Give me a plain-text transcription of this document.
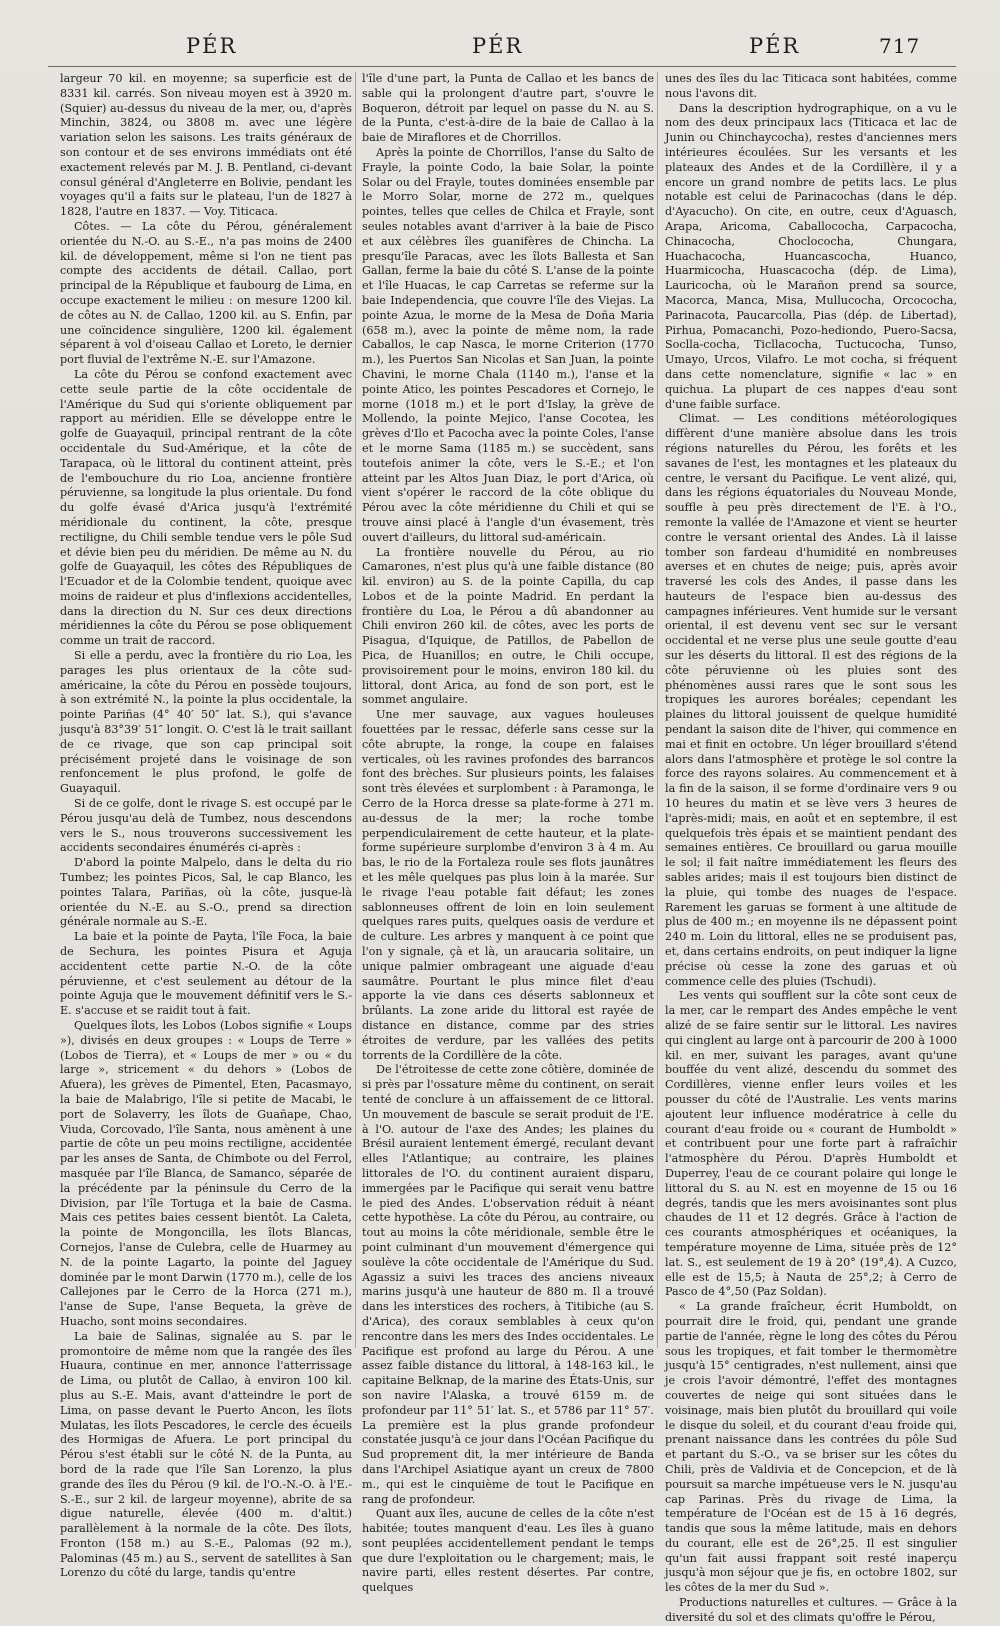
PÉR	PÉR	PÉR	717

largeur 70 kil. en moyenne; sa superficie est de 8331 kil. carrés. Son niveau moyen est à 3920 m. (Squier) au-dessus du niveau de la mer, ou, d'après Minchin, 3824, ou 3808 m. avec une légère variation selon les saisons. Les traits généraux de son contour et de ses environs immédiats ont été exactement relevés par M. J. B. Pentland, ci-devant consul général d'Angleterre en Bolivie, pendant les voyages qu'il a faits sur le plateau, l'un de 1827 à 1828, l'autre en 1837. — Voy. Titicaca.

Côtes. — La côte du Pérou, généralement orientée du N.-O. au S.-E., n'a pas moins de 2400 kil. de développement, même si l'on ne tient pas compte des accidents de détail. Callao, port principal de la République et faubourg de Lima, en occupe exactement le milieu : on mesure 1200 kil. de côtes au N. de Callao, 1200 kil. au S. Enfin, par une coïncidence singulière, 1200 kil. également séparent à vol d'oiseau Callao et Loreto, le dernier port fluvial de l'extrême N.-E. sur l'Amazone.

La côte du Pérou se confond exactement avec cette seule partie de la côte occidentale de l'Amérique du Sud qui s'oriente obliquement par rapport au méridien. Elle se développe entre le golfe de Guayaquil, principal rentrant de la côte occidentale du Sud-Amérique, et la côte de Tarapaca, où le littoral du continent atteint, près de l'embouchure du rio Loa, ancienne frontière péruvienne, sa longitude la plus orientale. Du fond du golfe évasé d'Arica jusqu'à l'extrémité méridionale du continent, la côte, presque rectiligne, du Chili semble tendue vers le pôle Sud et dévie bien peu du méridien. De même au N. du golfe de Guayaquil, les côtes des Républiques de l'Ecuador et de la Colombie tendent, quoique avec moins de raideur et plus d'inflexions accidentelles, dans la direction du N. Sur ces deux directions méridiennes la côte du Pérou se pose obliquement comme un trait de raccord.

Si elle a perdu, avec la frontière du rio Loa, les parages les plus orientaux de la côte sud-américaine, la côte du Pérou en possède toujours, à son extrémité N., la pointe la plus occidentale, la pointe Pariñas (4° 40′ 50″ lat. S.), qui s'avance jusqu'à 83°39′ 51″ longit. O. C'est là le trait saillant de ce rivage, que son cap principal soit précisément projeté dans le voisinage de son renfoncement le plus profond, le golfe de Guayaquil.

Si de ce golfe, dont le rivage S. est occupé par le Pérou jusqu'au delà de Tumbez, nous descendons vers le S., nous trouverons successivement les accidents secondaires énumérés ci-après :

D'abord la pointe Malpelo, dans le delta du rio Tumbez; les pointes Picos, Sal, le cap Blanco, les pointes Talara, Pariñas, où la côte, jusque-là orientée du N.-E. au S.-O., prend sa direction générale normale au S.-E.

La baie et la pointe de Payta, l'île Foca, la baie de Sechura, les pointes Pisura et Aguja accidentent cette partie N.-O. de la côte péruvienne, et c'est seulement au détour de la pointe Aguja que le mouvement définitif vers le S.-E. s'accuse et se raidit tout à fait.

Quelques îlots, les Lobos (Lobos signifie « Loups »), divisés en deux groupes : « Loups de Terre » (Lobos de Tierra), et « Loups de mer » ou « du large », stricement « du dehors » (Lobos de Afuera), les grèves de Pimentel, Eten, Pacasmayo, la baie de Malabrigo, l'île si petite de Macabi, le port de Solaverry, les îlots de Guañape, Chao, Viuda, Corcovado, l'île Santa, nous amènent à une partie de côte un peu moins rectiligne, accidentée par les anses de Santa, de Chimbote ou del Ferrol, masquée par l'île Blanca, de Samanco, séparée de la précédente par la péninsule du Cerro de la Division, par l'île Tortuga et la baie de Casma. Mais ces petites baies cessent bientôt. La Caleta, la pointe de Mongoncilla, les îlots Blancas, Cornejos, l'anse de Culebra, celle de Huarmey au N. de la pointe Lagarto, la pointe del Jaguey dominée par le mont Darwin (1770 m.), celle de los Callejones par le Cerro de la Horca (271 m.), l'anse de Supe, l'anse Bequeta, la grève de Huacho, sont moins secondaires.

La baie de Salinas, signalée au S. par le promontoire de même nom que la rangée des îles Huaura, continue en mer, annonce l'atterrissage de Lima, ou plutôt de Callao, à environ 100 kil. plus au S.-E. Mais, avant d'atteindre le port de Lima, on passe devant le Puerto Ancon, les îlots Mulatas, les îlots Pescadores, le cercle des écueils des Hormigas de Afuera. Le port principal du Pérou s'est établi sur le côté N. de la Punta, au bord de la rade que l'île San Lorenzo, la plus grande des îles du Pérou (9 kil. de l'O.-N.-O. à l'E.-S.-E., sur 2 kil. de largeur moyenne), abrite de sa digue naturelle, élevée (400 m. d'altit.) parallèlement à la normale de la côte. Des îlots, Fronton (158 m.) au S.-E., Palomas (92 m.), Palominas (45 m.) au S., servent de satellites à San Lorenzo du côté du large, tandis qu'entre

l'île d'une part, la Punta de Callao et les bancs de sable qui la prolongent d'autre part, s'ouvre le Boqueron, détroit par lequel on passe du N. au S. de la Punta, c'est-à-dire de la baie de Callao à la baie de Miraflores et de Chorrillos.

Après la pointe de Chorrillos, l'anse du Salto de Frayle, la pointe Codo, la baie Solar, la pointe Solar ou del Frayle, toutes dominées ensemble par le Morro Solar, morne de 272 m., quelques pointes, telles que celles de Chilca et Frayle, sont seules notables avant d'arriver à la baie de Pisco et aux célèbres îles guanifères de Chincha. La presqu'île Paracas, avec les îlots Ballesta et San Gallan, ferme la baie du côté S. L'anse de la pointe et l'île Huacas, le cap Carretas se referme sur la baie Independencia, que couvre l'île des Viejas. La pointe Azua, le morne de la Mesa de Doña Maria (658 m.), avec la pointe de même nom, la rade Caballos, le cap Nasca, le morne Criterion (1770 m.), les Puertos San Nicolas et San Juan, la pointe Chavini, le morne Chala (1140 m.), l'anse et la pointe Atico, les pointes Pescadores et Cornejo, le morne (1018 m.) et le port d'Islay, la grève de Mollendo, la pointe Mejico, l'anse Cocotea, les grèves d'Ilo et Pacocha avec la pointe Coles, l'anse et le morne Sama (1185 m.) se succèdent, sans toutefois animer la côte, vers le S.-E.; et l'on atteint par les Altos Juan Diaz, le port d'Arica, où vient s'opérer le raccord de la côte oblique du Pérou avec la côte méridienne du Chili et qui se trouve ainsi placé à l'angle d'un évasement, très ouvert d'ailleurs, du littoral sud-américain.

La frontière nouvelle du Pérou, au rio Camarones, n'est plus qu'à une faible distance (80 kil. environ) au S. de la pointe Capilla, du cap Lobos et de la pointe Madrid. En perdant la frontière du Loa, le Pérou a dû abandonner au Chili environ 260 kil. de côtes, avec les ports de Pisagua, d'Iquique, de Patillos, de Pabellon de Pica, de Huanillos; en outre, le Chili occupe, provisoirement pour le moins, environ 180 kil. du littoral, dont Arica, au fond de son port, est le sommet angulaire.

Une mer sauvage, aux vagues houleuses fouettées par le ressac, déferle sans cesse sur la côte abrupte, la ronge, la coupe en falaises verticales, où les ravines profondes des barrancos font des brèches. Sur plusieurs points, les falaises sont très élevées et surplombent : à Paramonga, le Cerro de la Horca dresse sa plate-forme à 271 m. au-dessus de la mer; la roche tombe perpendiculairement de cette hauteur, et la plate-forme supérieure surplombe d'environ 3 à 4 m. Au bas, le rio de la Fortaleza roule ses flots jaunâtres et les mêle quelques pas plus loin à la marée. Sur le rivage l'eau potable fait défaut; les zones sablonneuses offrent de loin en loin seulement quelques rares puits, quelques oasis de verdure et de culture. Les arbres y manquent à ce point que l'on y signale, çà et là, un araucaria solitaire, un unique palmier ombrageant une aiguade d'eau saumâtre. Pourtant le plus mince filet d'eau apporte la vie dans ces déserts sablonneux et brûlants. La zone aride du littoral est rayée de distance en distance, comme par des stries étroites de verdure, par les vallées des petits torrents de la Cordillère de la côte.

De l'étroitesse de cette zone côtière, dominée de si près par l'ossature même du continent, on serait tenté de conclure à un affaissement de ce littoral. Un mouvement de bascule se serait produit de l'E. à l'O. autour de l'axe des Andes; les plaines du Brésil auraient lentement émergé, reculant devant elles l'Atlantique; au contraire, les plaines littorales de l'O. du continent auraient disparu, immergées par le Pacifique qui serait venu battre le pied des Andes. L'observation réduit à néant cette hypothèse. La côte du Pérou, au contraire, ou tout au moins la côte méridionale, semble être le point culminant d'un mouvement d'émergence qui soulève la côte occidentale de l'Amérique du Sud. Agassiz a suivi les traces des anciens niveaux marins jusqu'à une hauteur de 880 m. Il a trouvé dans les interstices des rochers, à Titibiche (au S. d'Arica), des coraux semblables à ceux qu'on rencontre dans les mers des Indes occidentales. Le Pacifique est profond au large du Pérou. A une assez faible distance du littoral, à 148-163 kil., le capitaine Belknap, de la marine des États-Unis, sur son navire l'Alaska, a trouvé 6159 m. de profondeur par 11° 51′ lat. S., et 5786 par 11° 57′. La première est la plus grande profondeur constatée jusqu'à ce jour dans l'Océan Pacifique du Sud proprement dit, la mer intérieure de Banda dans l'Archipel Asiatique ayant un creux de 7800 m., qui est le cinquième de tout le Pacifique en rang de profondeur.

Quant aux îles, aucune de celles de la côte n'est habitée; toutes manquent d'eau. Les îles à guano sont peuplées accidentellement pendant le temps que dure l'exploitation ou le chargement; mais, le navire parti, elles restent désertes. Par contre, quelques

unes des îles du lac Titicaca sont habitées, comme nous l'avons dit.

Dans la description hydrographique, on a vu le nom des deux principaux lacs (Titicaca et lac de Junin ou Chinchaycocha), restes d'anciennes mers intérieures écoulées. Sur les versants et les plateaux des Andes et de la Cordillère, il y a encore un grand nombre de petits lacs. Le plus notable est celui de Parinacochas (dans le dép. d'Ayacucho). On cite, en outre, ceux d'Aguasch, Arapa, Aricoma, Caballococha, Carpacocha, Chinacocha, Choclococha, Chungara, Huachacocha, Huancascocha, Huanco, Huarmicocha, Huascacocha (dép. de Lima), Lauricocha, où le Marañon prend sa source, Macorca, Manca, Misa, Mullucocha, Orcococha, Parinacota, Paucarcolla, Pias (dép. de Libertad), Pirhua, Pomacanchi, Pozo-hediondo, Puero-Sacsa, Soclla-cocha, Ticllacocha, Tuctucocha, Tunso, Umayo, Urcos, Vilafro. Le mot cocha, si fréquent dans cette nomenclature, signifie « lac » en quichua. La plupart de ces nappes d'eau sont d'une faible surface.

Climat. — Les conditions météorologiques diffèrent d'une manière absolue dans les trois régions naturelles du Pérou, les forêts et les savanes de l'est, les montagnes et les plateaux du centre, le versant du Pacifique. Le vent alizé, qui, dans les régions équatoriales du Nouveau Monde, souffle à peu près directement de l'E. à l'O., remonte la vallée de l'Amazone et vient se heurter contre le versant oriental des Andes. Là il laisse tomber son fardeau d'humidité en nombreuses averses et en chutes de neige; puis, après avoir traversé les cols des Andes, il passe dans les hauteurs de l'espace bien au-dessus des campagnes inférieures. Vent humide sur le versant oriental, il est devenu vent sec sur le versant occidental et ne verse plus une seule goutte d'eau sur les déserts du littoral. Il est des régions de la côte péruvienne où les pluies sont des phénomènes aussi rares que le sont sous les tropiques les aurores boréales; cependant les plaines du littoral jouissent de quelque humidité pendant la saison dite de l'hiver, qui commence en mai et finit en octobre. Un léger brouillard s'étend alors dans l'atmosphère et protège le sol contre la force des rayons solaires. Au commencement et à la fin de la saison, il se forme d'ordinaire vers 9 ou 10 heures du matin et se lève vers 3 heures de l'après-midi; mais, en août et en septembre, il est quelquefois très épais et se maintient pendant des semaines entières. Ce brouillard ou garua mouille le sol; il fait naître immédiatement les fleurs des sables arides; mais il est toujours bien distinct de la pluie, qui tombe des nuages de l'espace. Rarement les garuas se forment à une altitude de plus de 400 m.; en moyenne ils ne dépassent point 240 m. Loin du littoral, elles ne se produisent pas, et, dans certains endroits, on peut indiquer la ligne précise où cesse la zone des garuas et où commence celle des pluies (Tschudi).

Les vents qui soufflent sur la côte sont ceux de la mer, car le rempart des Andes empêche le vent alizé de se faire sentir sur le littoral. Les navires qui cinglent au large ont à parcourir de 200 à 1000 kil. en mer, suivant les parages, avant qu'une bouffée du vent alizé, descendu du sommet des Cordillères, vienne enfler leurs voiles et les pousser du côté de l'Australie. Les vents marins ajoutent leur influence modératrice à celle du courant d'eau froide ou « courant de Humboldt » et contribuent pour une forte part à rafraîchir l'atmosphère du Pérou. D'après Humboldt et Duperrey, l'eau de ce courant polaire qui longe le littoral du S. au N. est en moyenne de 15 ou 16 degrés, tandis que les mers avoisinantes sont plus chaudes de 11 et 12 degrés. Grâce à l'action de ces courants atmosphériques et océaniques, la température moyenne de Lima, située près de 12° lat. S., est seulement de 19 à 20° (19°,4). A Cuzco, elle est de 15,5; à Nauta de 25°,2; à Cerro de Pasco de 4°,50 (Paz Soldan).

« La grande fraîcheur, écrit Humboldt, on pourrait dire le froid, qui, pendant une grande partie de l'année, règne le long des côtes du Pérou sous les tropiques, et fait tomber le thermomètre jusqu'à 15° centigrades, n'est nullement, ainsi que je crois l'avoir démontré, l'effet des montagnes couvertes de neige qui sont situées dans le voisinage, mais bien plutôt du brouillard qui voile le disque du soleil, et du courant d'eau froide qui, prenant naissance dans les contrées du pôle Sud et partant du S.-O., va se briser sur les côtes du Chili, près de Valdivia et de Concepcion, et de là poursuit sa marche impétueuse vers le N. jusqu'au cap Parinas. Près du rivage de Lima, la température de l'Océan est de 15 à 16 degrés, tandis que sous la même latitude, mais en dehors du courant, elle est de 26°,25. Il est singulier qu'un fait aussi frappant soit resté inaperçu jusqu'à mon séjour que je fis, en octobre 1802, sur les côtes de la mer du Sud ».

Productions naturelles et cultures. — Grâce à la diversité du sol et des climats qu'offre le Pérou,
